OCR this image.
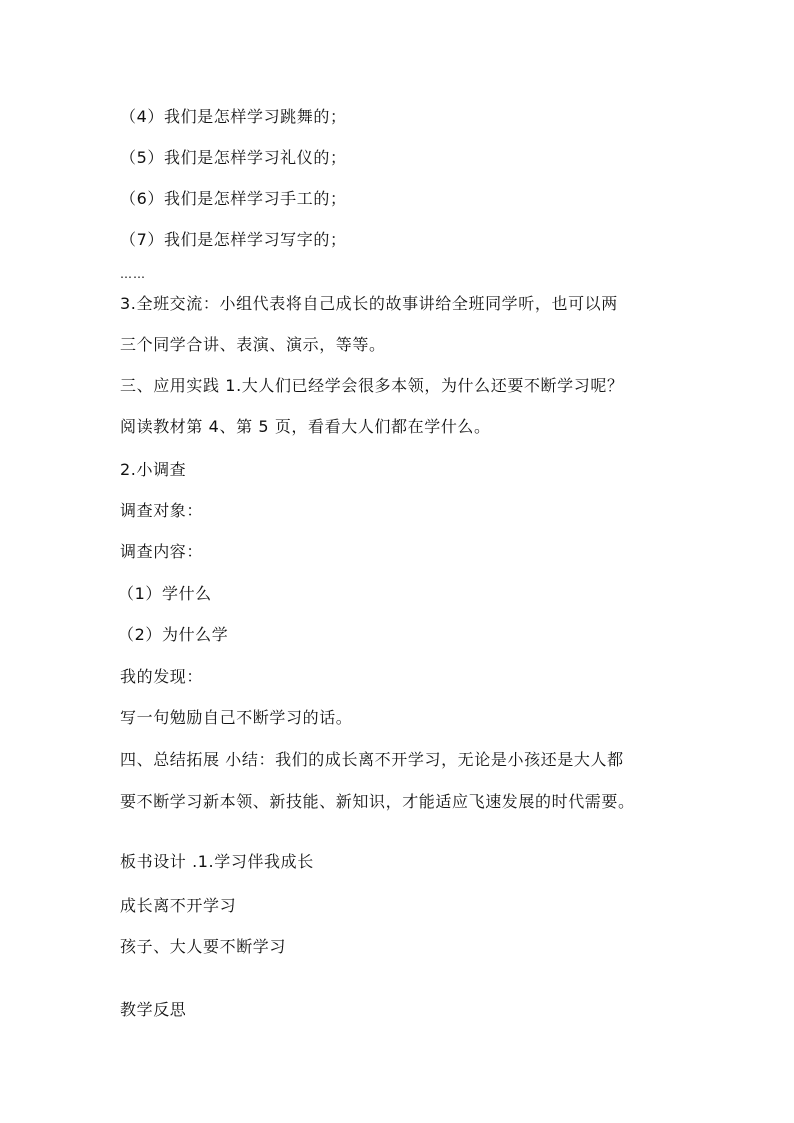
（4）我们是怎样学习跳舞的；
（5）我们是怎样学习礼仪的；
（6）我们是怎样学习手工的；
（7）我们是怎样学习写字的；
……
3.全班交流：小组代表将自己成长的故事讲给全班同学听，也可以两
三个同学合讲、表演、演示，等等。
三、应用实践 1.大人们已经学会很多本领，为什么还要不断学习呢？
阅读教材第 4、第 5 页，看看大人们都在学什么。
2.小调查
调查对象：
调查内容：
（1）学什么
（2）为什么学
我的发现：
写一句勉励自己不断学习的话。
四、总结拓展 小结：我们的成长离不开学习，无论是小孩还是大人都
要不断学习新本领、新技能、新知识，才能适应飞速发展的时代需要。
板书设计 .1.学习伴我成长
成长离不开学习
孩子、大人要不断学习
教学反思
